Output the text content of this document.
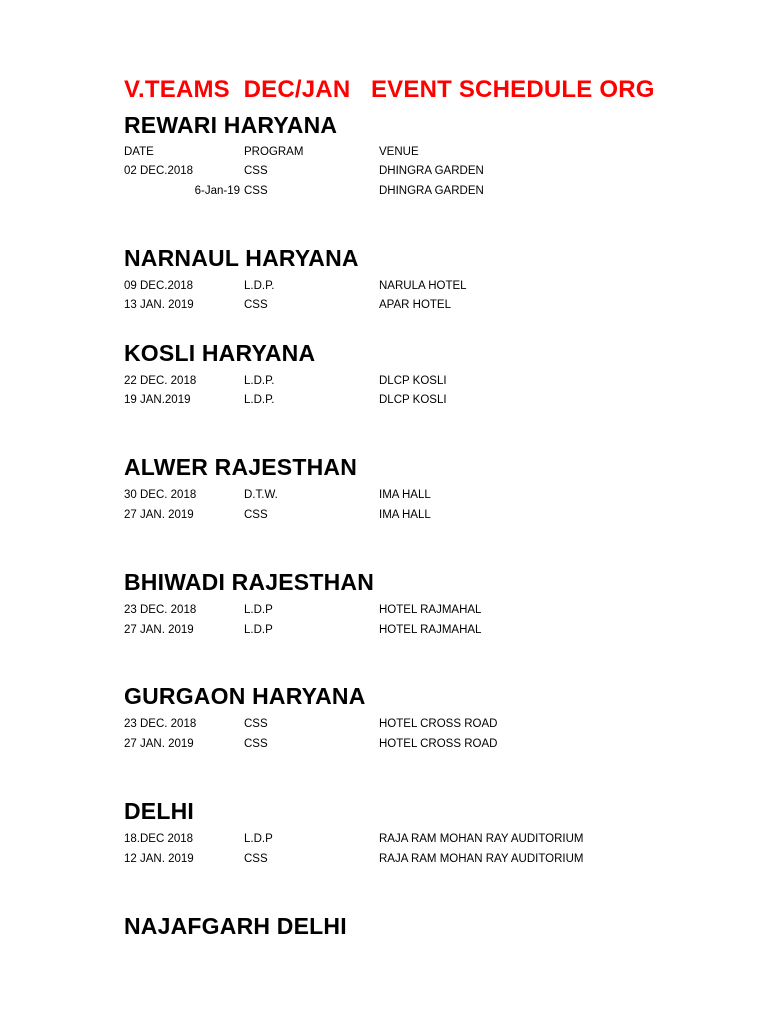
V.TEAMS  DEC/JAN   EVENT SCHEDULE ORG
REWARI HARYANA
DATE	PROGRAM	VENUE
02 DEC.2018	CSS	DHINGRA GARDEN
6-Jan-19 CSS	DHINGRA GARDEN
NARNAUL HARYANA
09 DEC.2018	L.D.P.	NARULA HOTEL
13 JAN. 2019	CSS	APAR HOTEL
KOSLI HARYANA
22 DEC. 2018	L.D.P.	DLCP KOSLI
19 JAN.2019	L.D.P.	DLCP KOSLI
ALWER RAJESTHAN
30 DEC. 2018	D.T.W.	IMA HALL
27 JAN. 2019	CSS	IMA HALL
BHIWADI RAJESTHAN
23 DEC. 2018	L.D.P	HOTEL RAJMAHAL
27 JAN. 2019	L.D.P	HOTEL RAJMAHAL
GURGAON HARYANA
23 DEC. 2018	CSS	HOTEL CROSS ROAD
27 JAN. 2019	CSS	HOTEL CROSS ROAD
DELHI
18.DEC 2018	L.D.P	RAJA RAM MOHAN RAY AUDITORIUM
12 JAN. 2019	CSS	RAJA RAM MOHAN RAY AUDITORIUM
NAJAFGARH DELHI
